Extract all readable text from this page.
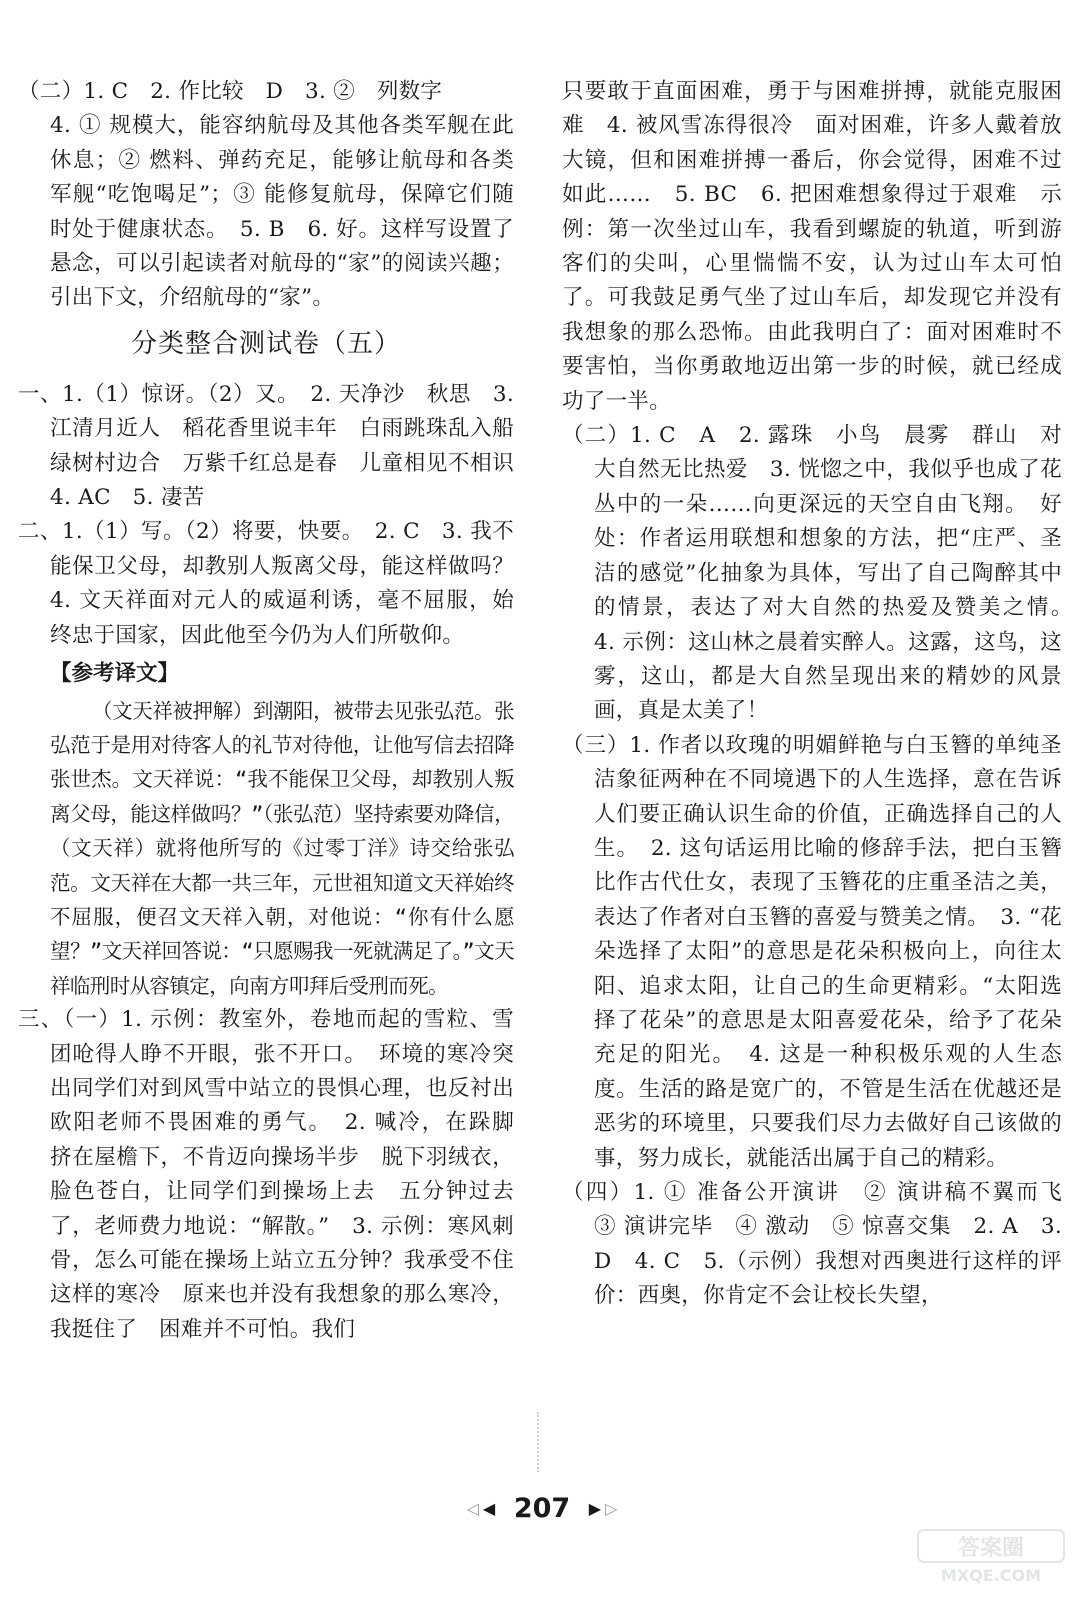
（二）1. C　2. 作比较　D　3. ②　列数字

4. ① 规模大，能容纳航母及其他各类军舰在此休息；② 燃料、弹药充足，能够让航母和各类军舰“吃饱喝足”；③ 能修复航母，保障它们随时处于健康状态。　5. B　6. 好。这样写设置了悬念，可以引起读者对航母的“家”的阅读兴趣；引出下文，介绍航母的“家”。

分类整合测试卷（五）

一、1.（1）惊讶。（2）又。　2. 天净沙　秋思　3. 江清月近人　稻花香里说丰年　白雨跳珠乱入船　绿树村边合　万紫千红总是春　儿童相见不相识　4. AC　5. 凄苦

二、1.（1）写。（2）将要，快要。　2. C　3. 我不能保卫父母，却教别人叛离父母，能这样做吗？　4. 文天祥面对元人的威逼利诱，毫不屈服，始终忠于国家，因此他至今仍为人们所敬仰。

【参考译文】

（文天祥被押解）到潮阳，被带去见张弘范。张弘范于是用对待客人的礼节对待他，让他写信去招降张世杰。文天祥说：“我不能保卫父母，却教别人叛离父母，能这样做吗？”（张弘范）坚持索要劝降信，（文天祥）就将他所写的《过零丁洋》诗交给张弘范。文天祥在大都一共三年，元世祖知道文天祥始终不屈服，便召文天祥入朝，对他说：“你有什么愿望？”文天祥回答说：“只愿赐我一死就满足了。”文天祥临刑时从容镇定，向南方叩拜后受刑而死。

三、（一）1. 示例：教室外，卷地而起的雪粒、雪团呛得人睁不开眼，张不开口。　环境的寒冷突出同学们对到风雪中站立的畏惧心理，也反衬出欧阳老师不畏困难的勇气。　2. 喊冷，在跺脚　挤在屋檐下，不肯迈向操场半步　脱下羽绒衣，脸色苍白，让同学们到操场上去　五分钟过去了，老师费力地说：“解散。”　3. 示例：寒风刺骨，怎么可能在操场上站立五分钟？我承受不住这样的寒冷　原来也并没有我想象的那么寒冷，我挺住了　困难并不可怕。我们

只要敢于直面困难，勇于与困难拼搏，就能克服困难　4. 被风雪冻得很冷　面对困难，许多人戴着放大镜，但和困难拼搏一番后，你会觉得，困难不过如此……　5. BC　6. 把困难想象得过于艰难　示例：第一次坐过山车，我看到螺旋的轨道，听到游客们的尖叫，心里惴惴不安，认为过山车太可怕了。可我鼓足勇气坐了过山车后，却发现它并没有我想象的那么恐怖。由此我明白了：面对困难时不要害怕，当你勇敢地迈出第一步的时候，就已经成功了一半。

（二）1. C　A　2. 露珠　小鸟　晨雾　群山　对大自然无比热爱　3. 恍惚之中，我似乎也成了花丛中的一朵……向更深远的天空自由飞翔。　好处：作者运用联想和想象的方法，把“庄严、圣洁的感觉”化抽象为具体，写出了自己陶醉其中的情景，表达了对大自然的热爱及赞美之情。　4. 示例：这山林之晨着实醉人。这露，这鸟，这雾，这山，都是大自然呈现出来的精妙的风景画，真是太美了！

（三）1. 作者以玫瑰的明媚鲜艳与白玉簪的单纯圣洁象征两种在不同境遇下的人生选择，意在告诉人们要正确认识生命的价值，正确选择自己的人生。　2. 这句话运用比喻的修辞手法，把白玉簪比作古代仕女，表现了玉簪花的庄重圣洁之美，表达了作者对白玉簪的喜爱与赞美之情。　3. “花朵选择了太阳”的意思是花朵积极向上，向往太阳、追求太阳，让自己的生命更精彩。“太阳选择了花朵”的意思是太阳喜爱花朵，给予了花朵充足的阳光。　4. 这是一种积极乐观的人生态度。生活的路是宽广的，不管是生活在优越还是恶劣的环境里，只要我们尽力去做好自己该做的事，努力成长，就能活出属于自己的精彩。

（四）1. ① 准备公开演讲　② 演讲稿不翼而飞　③ 演讲完毕　④ 激动　⑤ 惊喜交集　2. A　3. D　4. C　5.（示例）我想对西奥进行这样的评价：西奥，你肯定不会让校长失望，

◁ ◀ 207 ▶ ▷
答案圈
MXQE.COM
